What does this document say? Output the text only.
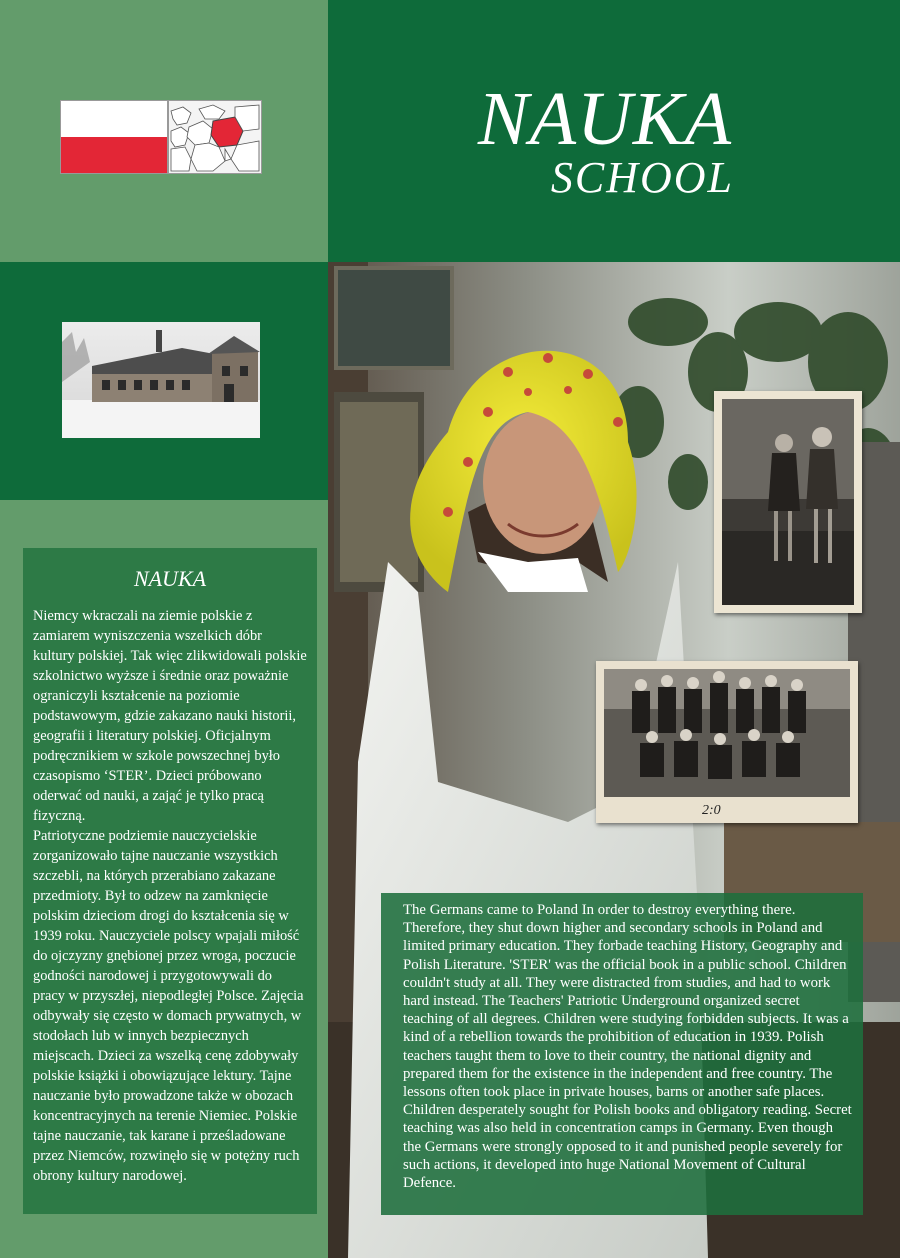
NAUKA
SCHOOL
2:0
NAUKA

Niemcy wkraczali na ziemie polskie z zamiarem wyniszczenia wszelkich dóbr kultury polskiej. Tak więc zlikwidowali polskie szkolnictwo wyższe i średnie oraz poważnie ograniczyli kształcenie na poziomie podstawowym, gdzie zakazano nauki historii, geografii i literatury polskiej. Oficjalnym podręcznikiem w szkole powszechnej było czasopismo ‘STER’. Dzieci próbowano oderwać od nauki, a zająć je tylko pracą fizyczną.

Patriotyczne podziemie nauczycielskie zorganizowało tajne nauczanie wszystkich szczebli, na których przerabiano zakazane przedmioty. Był to odzew na zamknięcie polskim dzieciom drogi do kształcenia się w 1939 roku. Nauczyciele polscy wpajali miłość do ojczyzny gnębionej przez wroga, poczucie godności narodowej i przygotowywali do pracy w przyszłej, niepodległej Polsce. Zajęcia odbywały się często w domach prywatnych, w stodołach lub w innych bezpiecznych miejscach. Dzieci za wszelką cenę zdobywały polskie książki i obowiązujące lektury. Tajne nauczanie było prowadzone także w obozach koncentracyjnych na terenie Niemiec. Polskie tajne nauczanie, tak karane i prześladowane przez Niemców, rozwinęło się w potężny ruch obrony kultury narodowej.

The Germans came to Poland In order to destroy everything there. Therefore, they shut down higher and secondary schools in Poland and limited primary education. They forbade teaching History, Geography and Polish Literature. 'STER' was the official book in a public school. Children couldn't study at all. They were distracted from studies, and had to work hard instead. The Teachers' Patriotic Underground organized secret teaching of all degrees. Children were studying forbidden subjects. It was a kind of a rebellion towards the prohibition of education in 1939. Polish teachers taught them to love to their country, the national dignity and prepared them for the existence in the independent and free country. The lessons often took place in private houses, barns or another safe places. Children desperately sought for Polish books and obligatory reading. Secret teaching was also held in concentration camps in Germany. Even though the Germans were strongly opposed to it and punished people severely for such actions, it developed into huge National Movement of Cultural Defence.
